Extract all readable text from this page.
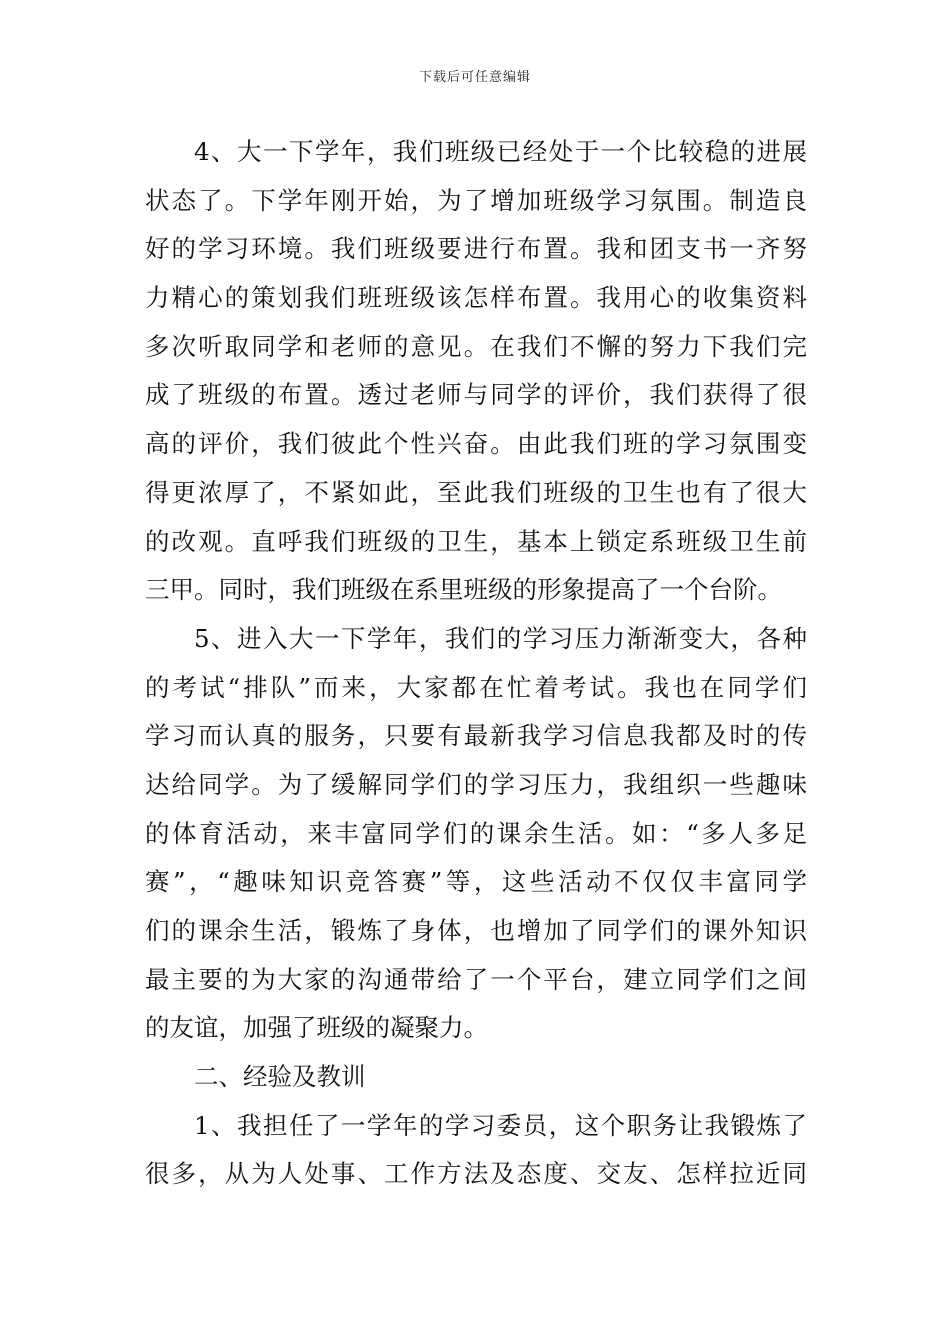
下载后可任意编辑
4、大一下学年，我们班级已经处于一个比较稳的进展
状态了。下学年刚开始，为了增加班级学习氛围。制造良
好的学习环境。我们班级要进行布置。我和团支书一齐努
力精心的策划我们班班级该怎样布置。我用心的收集资料
多次听取同学和老师的意见。在我们不懈的努力下我们完
成了班级的布置。透过老师与同学的评价，我们获得了很
高的评价，我们彼此个性兴奋。由此我们班的学习氛围变
得更浓厚了，不紧如此，至此我们班级的卫生也有了很大
的改观。直呼我们班级的卫生，基本上锁定系班级卫生前
三甲。同时，我们班级在系里班级的形象提高了一个台阶。
5、进入大一下学年，我们的学习压力渐渐变大，各种
的考试“排队”而来，大家都在忙着考试。我也在同学们
学习而认真的服务，只要有最新我学习信息我都及时的传
达给同学。为了缓解同学们的学习压力，我组织一些趣味
的体育活动，来丰富同学们的课余生活。如：“多人多足
赛”，“趣味知识竞答赛”等，这些活动不仅仅丰富同学
们的课余生活，锻炼了身体，也增加了同学们的课外知识
最主要的为大家的沟通带给了一个平台，建立同学们之间
的友谊，加强了班级的凝聚力。
二、经验及教训
1、我担任了一学年的学习委员，这个职务让我锻炼了
很多，从为人处事、工作方法及态度、交友、怎样拉近同
